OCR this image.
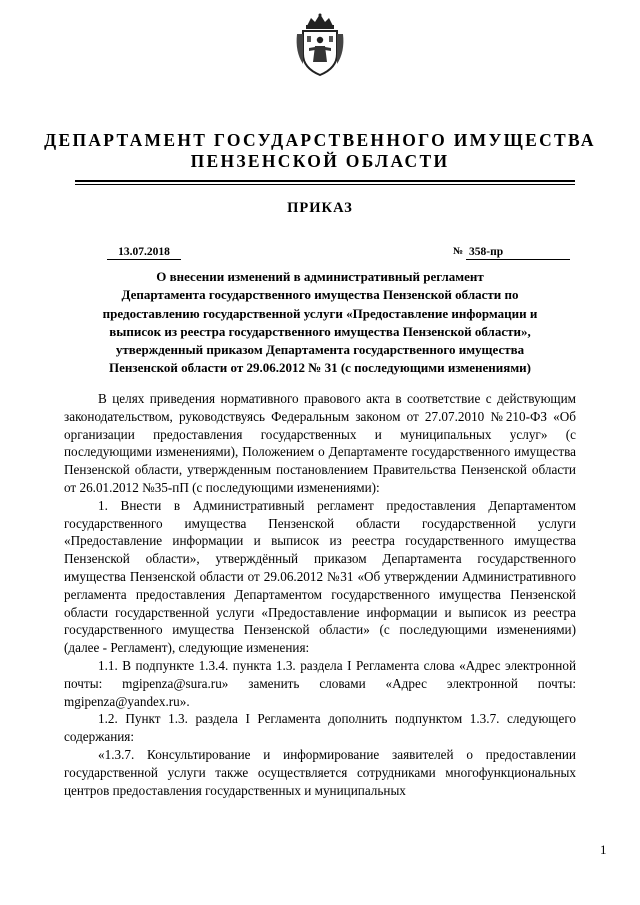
ДЕПАРТАМЕНТ ГОСУДАРСТВЕННОГО ИМУЩЕСТВА
ПЕНЗЕНСКОЙ ОБЛАСТИ
ПРИКАЗ
13.07.2018	№ 358-пр
О внесении изменений в административный регламент
Департамента государственного имущества Пензенской области по
предоставлению государственной услуги «Предоставление информации и
выписок из реестра государственного имущества Пензенской области»,
утвержденный приказом Департамента государственного имущества
Пензенской области от 29.06.2012 № 31 (с последующими изменениями)

В целях приведения нормативного правового акта в соответствие с действующим законодательством, руководствуясь Федеральным законом от 27.07.2010 №210-ФЗ «Об организации предоставления государственных и муниципальных услуг» (с последующими изменениями), Положением о Департаменте государственного имущества Пензенской области, утвержденным постановлением Правительства Пензенской области от 26.01.2012 №35-пП (с последующими изменениями):

1. Внести в Административный регламент предоставления Департаментом государственного имущества Пензенской области государственной услуги «Предоставление информации и выписок из реестра государственного имущества Пензенской области», утверждённый приказом Департамента государственного имущества Пензенской области от 29.06.2012 №31 «Об утверждении Административного регламента предоставления Департаментом государственного имущества Пензенской области государственной услуги «Предоставление информации и выписок из реестра государственного имущества Пензенской области» (с последующими изменениями) (далее - Регламент), следующие изменения:

1.1. В подпункте 1.3.4. пункта 1.3. раздела I Регламента слова «Адрес электронной почты: mgipenza@sura.ru» заменить словами «Адрес электронной почты: mgipenza@yandex.ru».

1.2. Пункт 1.3. раздела I Регламента дополнить подпунктом 1.3.7. следующего содержания:

«1.3.7. Консультирование и информирование заявителей о предоставлении государственной услуги также осуществляется сотрудниками многофункциональных центров предоставления государственных и муниципальных

1
